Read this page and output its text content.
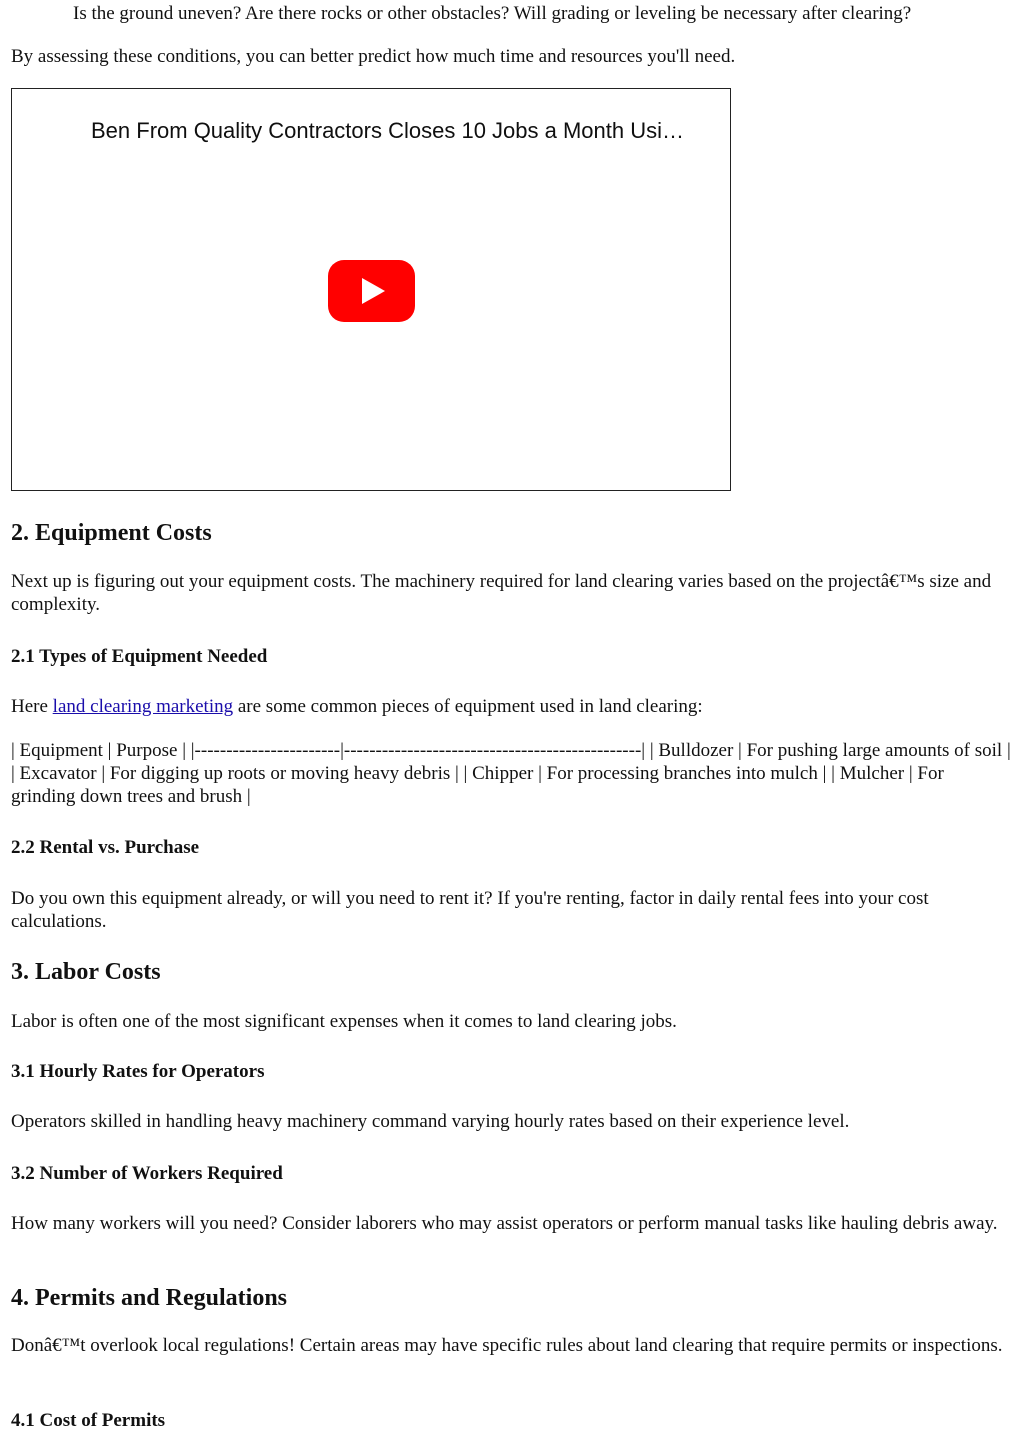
Is the ground uneven? Are there rocks or other obstacles? Will grading or leveling be necessary after clearing?

By assessing these conditions, you can better predict how much time and resources you'll need.

Ben From Quality Contractors Closes 10 Jobs a Month Usi…
2. Equipment Costs

Next up is figuring out your equipment costs. The machinery required for land clearing varies based on the projectâ€™s size and complexity.

2.1 Types of Equipment Needed

Here land clearing marketing are some common pieces of equipment used in land clearing:

| Equipment | Purpose | |-----------------------|-----------------------------------------------| | Bulldozer | For pushing large amounts of soil | | Excavator | For digging up roots or moving heavy debris | | Chipper | For processing branches into mulch | | Mulcher | For grinding down trees and brush |

2.2 Rental vs. Purchase

Do you own this equipment already, or will you need to rent it? If you're renting, factor in daily rental fees into your cost calculations.

3. Labor Costs

Labor is often one of the most significant expenses when it comes to land clearing jobs.

3.1 Hourly Rates for Operators

Operators skilled in handling heavy machinery command varying hourly rates based on their experience level.

3.2 Number of Workers Required

How many workers will you need? Consider laborers who may assist operators or perform manual tasks like hauling debris away.

4. Permits and Regulations

Donâ€™t overlook local regulations! Certain areas may have specific rules about land clearing that require permits or inspections.

4.1 Cost of Permits
